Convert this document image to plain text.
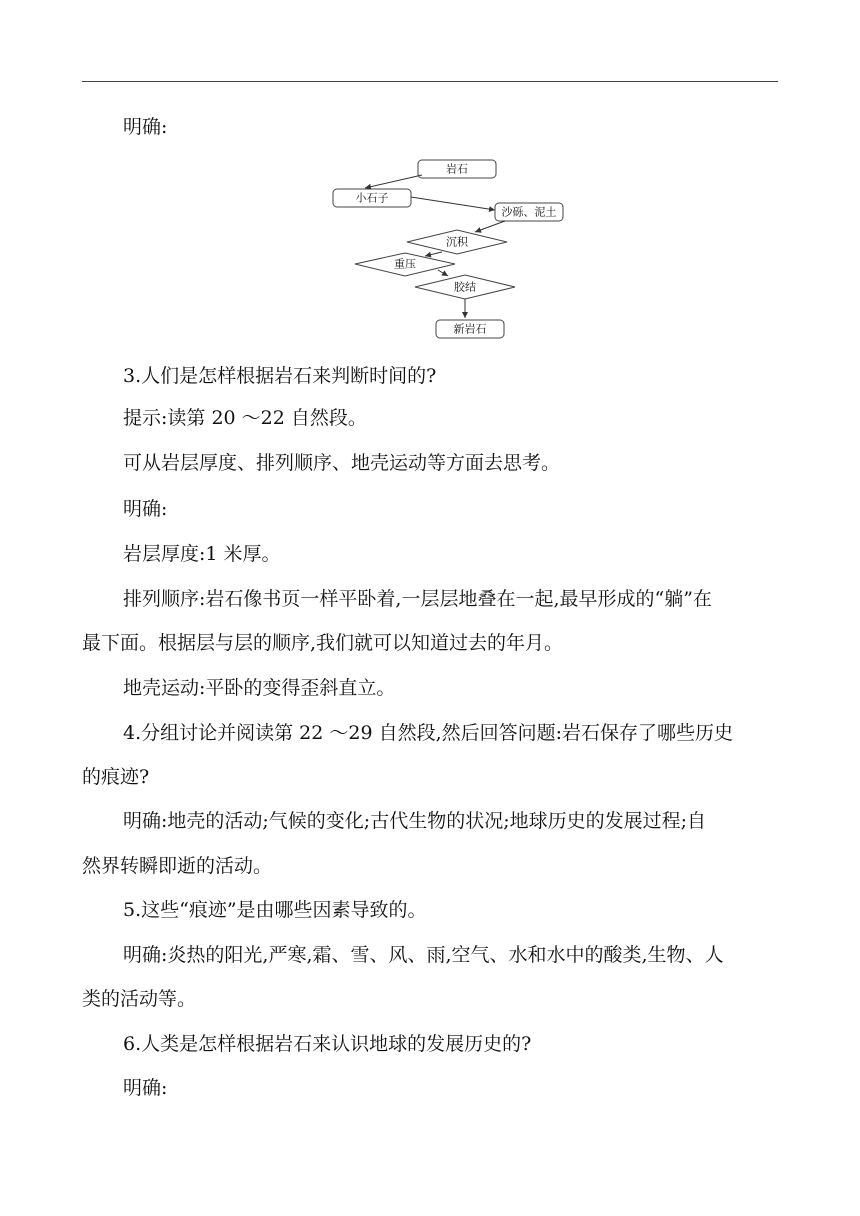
明确:

岩石
小石子
沙砾、泥土
沉积
重压
胶结
新岩石

3.人们是怎样根据岩石来判断时间的?

提示:读第 20 ～22 自然段。

可从岩层厚度、排列顺序、地壳运动等方面去思考。

明确:

岩层厚度:1 米厚。

排列顺序:岩石像书页一样平卧着,一层层地叠在一起,最早形成的“躺”在

最下面。根据层与层的顺序,我们就可以知道过去的年月。

地壳运动:平卧的变得歪斜直立。

4.分组讨论并阅读第 22 ～29 自然段,然后回答问题:岩石保存了哪些历史

的痕迹?

明确:地壳的活动;气候的变化;古代生物的状况;地球历史的发展过程;自

然界转瞬即逝的活动。

5.这些“痕迹”是由哪些因素导致的。

明确:炎热的阳光,严寒,霜、雪、风、雨,空气、水和水中的酸类,生物、人

类的活动等。

6.人类是怎样根据岩石来认识地球的发展历史的?

明确:
